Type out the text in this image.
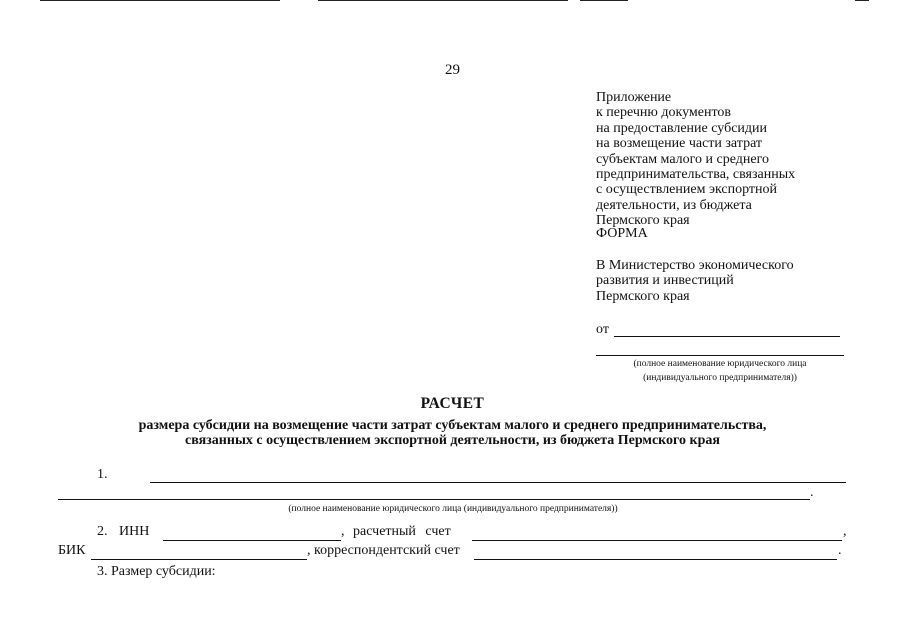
29
Приложение
к перечню документов
на предоставление субсидии
на возмещение части затрат
субъектам малого и среднего
предпринимательства, связанных
с осуществлением экспортной
деятельности, из бюджета
Пермского края
ФОРМА
В Министерство экономического
развития и инвестиций
Пермского края
от
(полное наименование юридического лица
(индивидуального предпринимателя))
РАСЧЕТ
размера субсидии на возмещение части затрат субъектам малого и среднего предпринимательства,
связанных с осуществлением экспортной деятельности, из бюджета Пермского края
1.
.
(полное наименование юридического лица (индивидуального предпринимателя))
2. ИНН	, расчетный счет	,
БИК	, корреспондентский счет	.
3. Размер субсидии:
